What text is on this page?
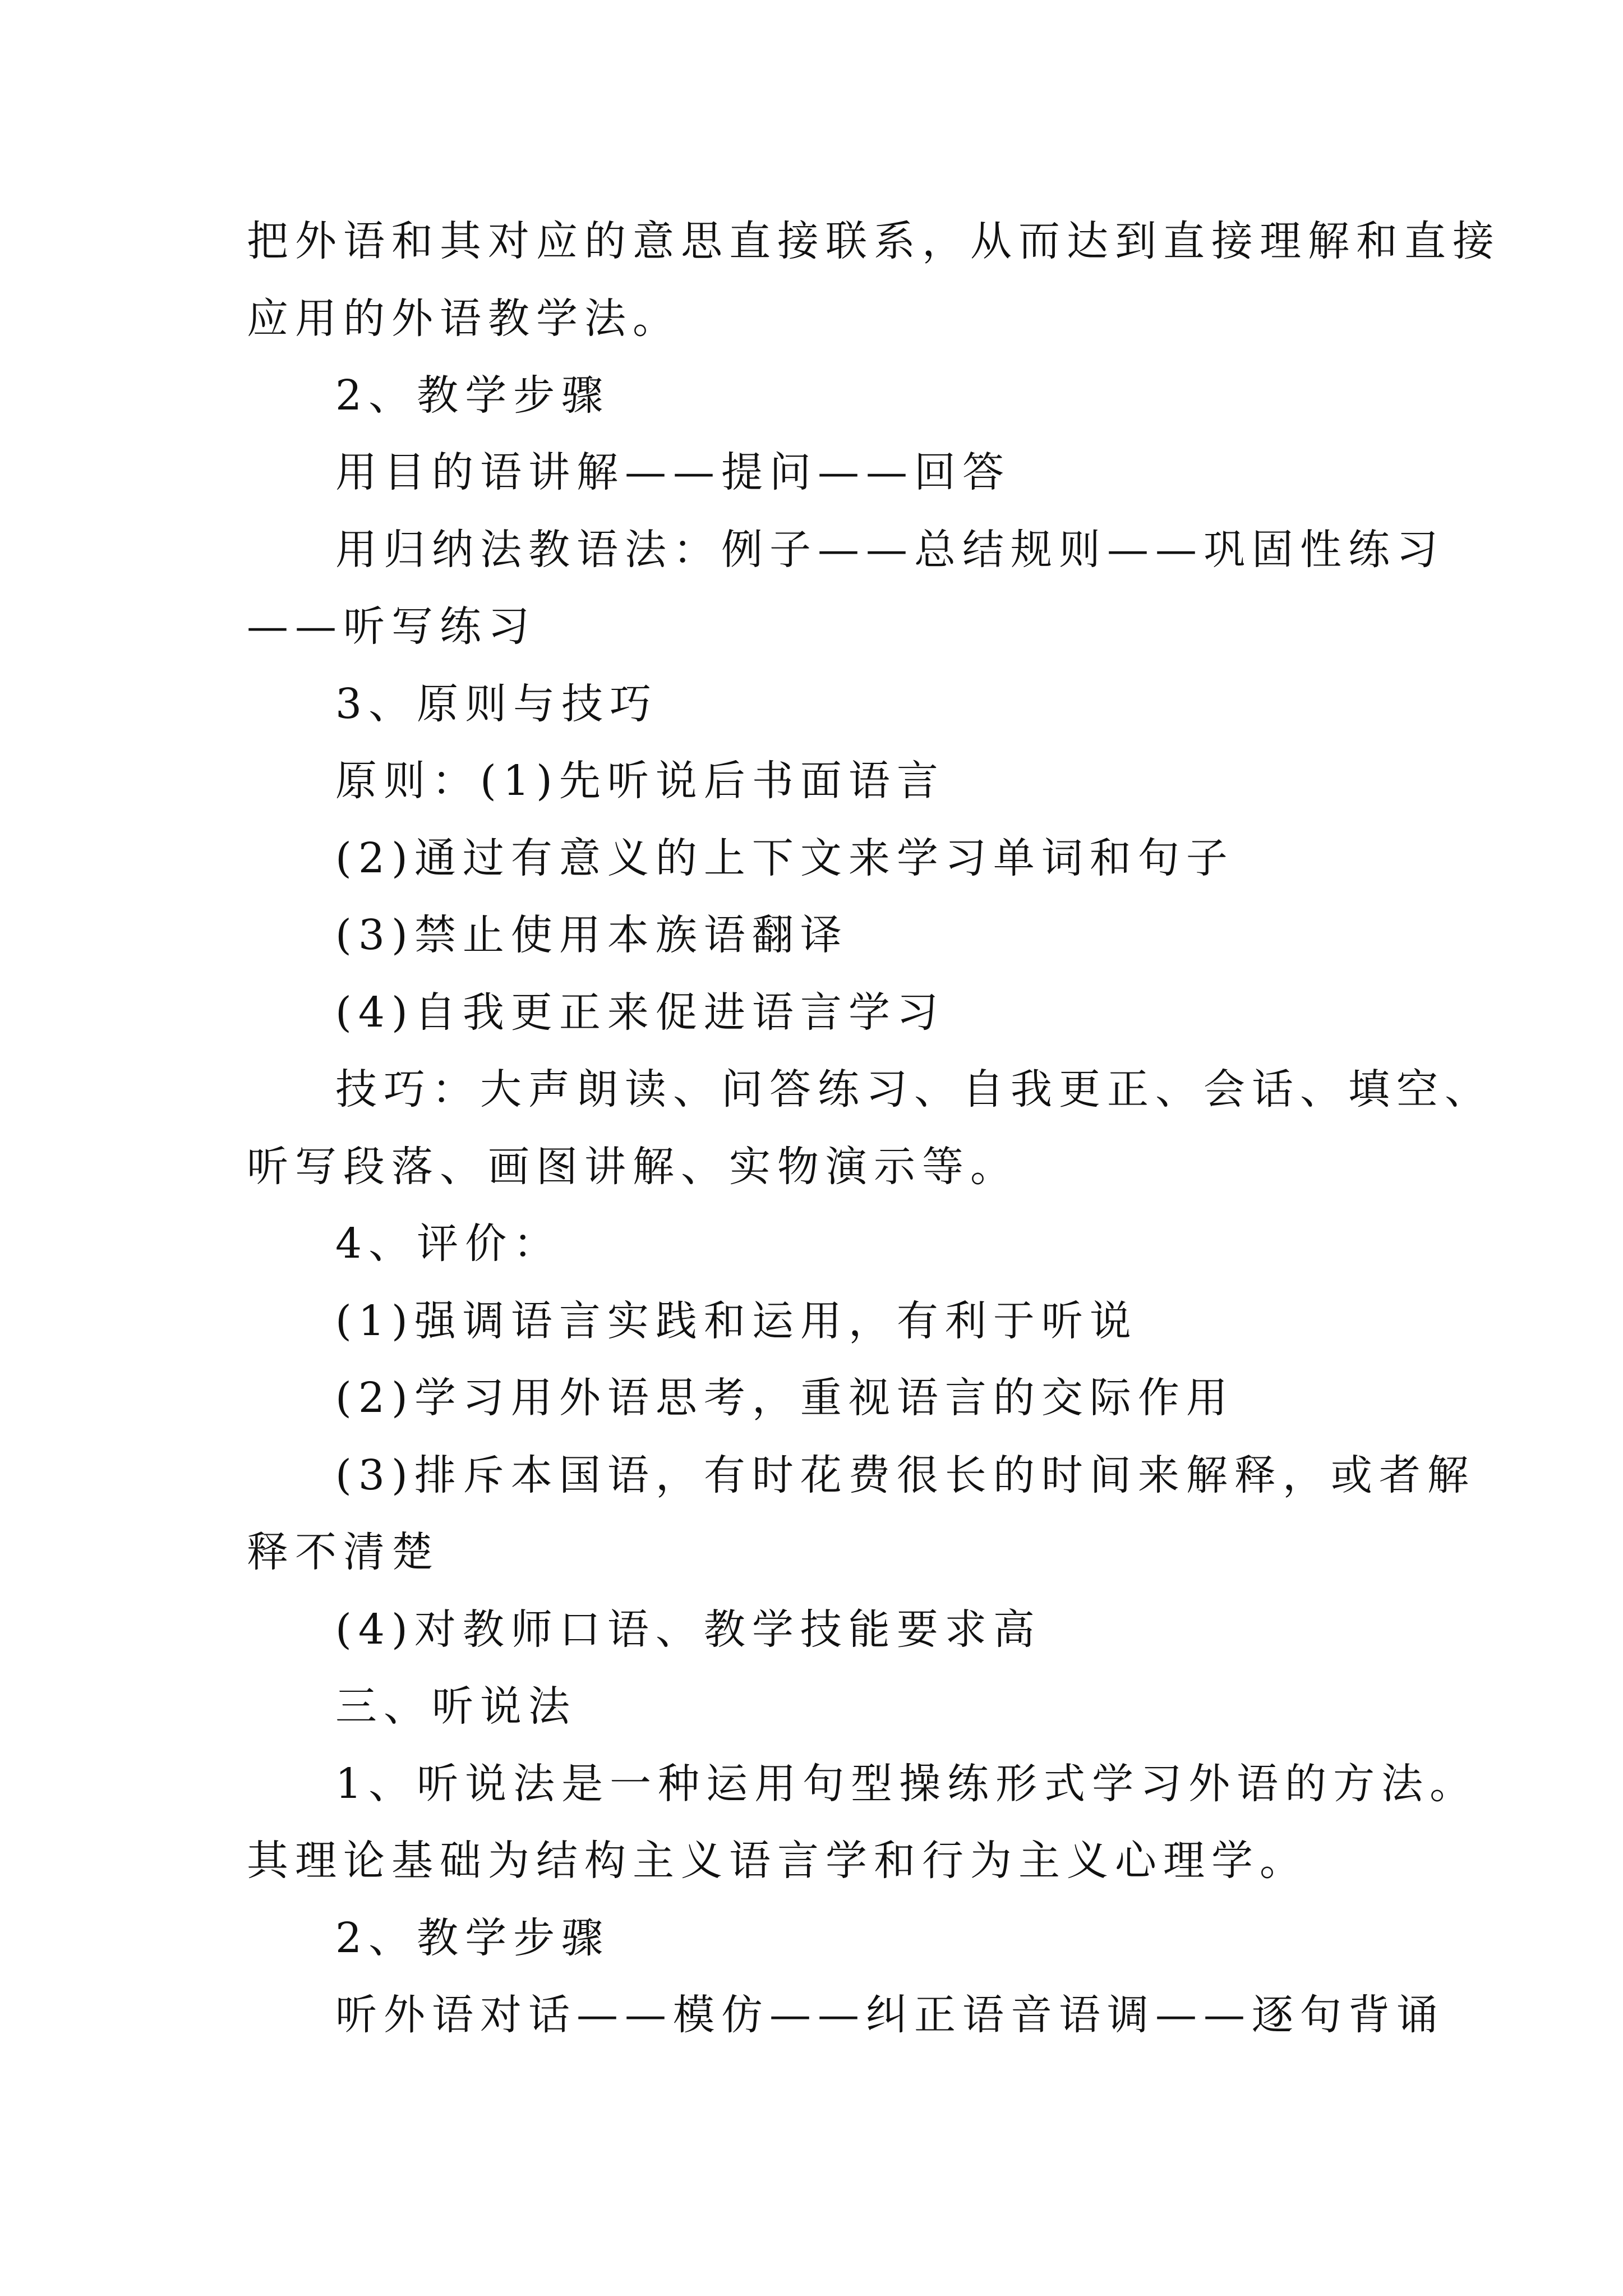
把外语和其对应的意思直接联系，从而达到直接理解和直接
应用的外语教学法。
2、教学步骤
用目的语讲解——提问——回答
用归纳法教语法：例子——总结规则——巩固性练习
——听写练习
3、原则与技巧
原则：(1)先听说后书面语言
(2)通过有意义的上下文来学习单词和句子
(3)禁止使用本族语翻译
(4)自我更正来促进语言学习
技巧：大声朗读、问答练习、自我更正、会话、填空、
听写段落、画图讲解、实物演示等。
4、评价：
(1)强调语言实践和运用，有利于听说
(2)学习用外语思考，重视语言的交际作用
(3)排斥本国语，有时花费很长的时间来解释，或者解
释不清楚
(4)对教师口语、教学技能要求高
三、听说法
1、听说法是一种运用句型操练形式学习外语的方法。
其理论基础为结构主义语言学和行为主义心理学。
2、教学步骤
听外语对话——模仿——纠正语音语调——逐句背诵
